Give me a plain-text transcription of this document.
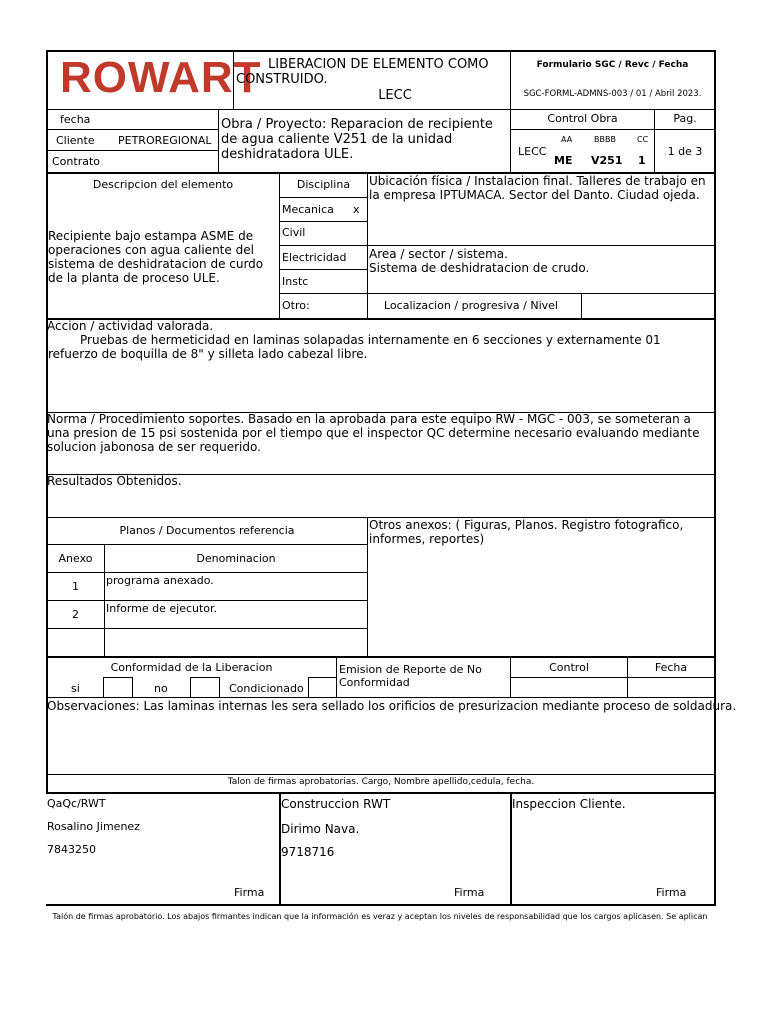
ROWART LIBERACION DE ELEMENTO COMO
CONSTRUIDO.
LECC
Formulario SGC / Revc / Fecha
SGC-FORML-ADMNS-003 / 01 / Abril 2023.
fecha
Cliente PETROREGIONAL
Contrato
Obra / Proyecto: Reparacion de recipiente de agua caliente V251 de la unidad deshidratadora ULE.
Control Obra	Pag.
LECC
AA	BBBB	CC
ME V251 1
1 de 3
Descripcion del elemento
Recipiente bajo estampa ASME de operaciones con agua caliente del sistema de deshidratacion de curdo de la planta de proceso ULE.
Disciplina
Mecanica x
Civil
Electricidad
Instc
Otro:
Ubicación física / Instalacion final. Talleres de trabajo en la empresa IPTUMACA. Sector del Danto. Ciudad ojeda.
Area / sector / sistema.
Sistema de deshidratacion de crudo.
Localizacion / progresiva / Nivel
Accion / actividad valorada.
Pruebas de hermeticidad en laminas solapadas internamente en 6 secciones y externamente 01 refuerzo de boquilla de 8" y silleta lado cabezal libre.
Norma / Procedimiento soportes. Basado en la aprobada para este equipo RW - MGC - 003, se someteran a una presion de 15 psi sostenida por el tiempo que el inspector QC determine necesario evaluando mediante solucion jabonosa de ser requerido.
Resultados Obtenidos.
Planos / Documentos referencia
Anexo	Denominacion
1	programa anexado.
2	Informe de ejecutor.
Otros anexos: ( Figuras, Planos. Registro fotografico, informes, reportes)
Conformidad de la Liberacion
si	no	Condicionado
Emision de Reporte de No Conformidad
Control	Fecha
Observaciones: Las laminas internas les sera sellado los orificios de presurizacion mediante proceso de soldadura.
Talon de firmas aprobatorias. Cargo, Nombre apellido,cedula, fecha.
QaQc/RWT
Rosalino Jimenez
7843250
Firma
Construccion RWT
Dirimo Nava.
9718716
Firma
Inspeccion Cliente.
Firma
Talón de firmas aprobatorio. Los abajos firmantes indican que la información es veraz y aceptan los niveles de responsabilidad que los cargos aplicasen. Se aplican
